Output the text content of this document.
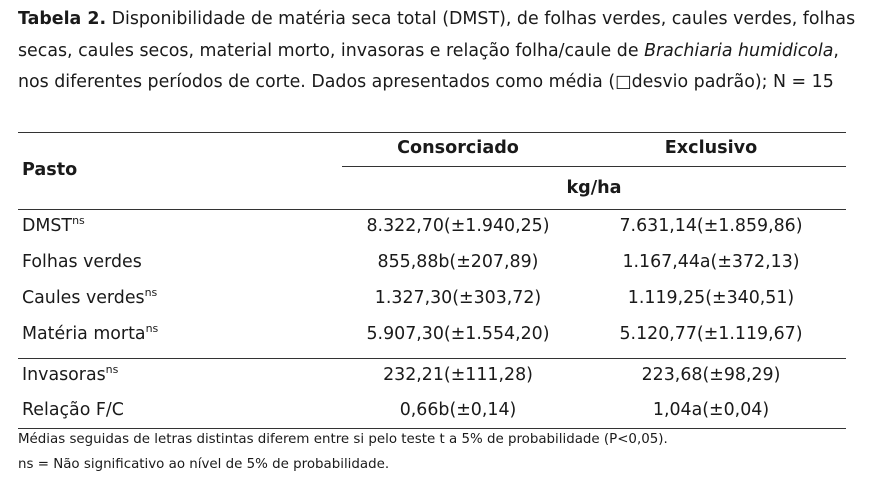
Tabela 2. Disponibilidade de matéria seca total (DMST), de folhas verdes, caules verdes, folhas secas, caules secos, material morto, invasoras e relação folha/caule de Brachiaria humidicola, nos diferentes períodos de corte. Dados apresentados como média (□desvio padrão); N = 15
Pasto
Consorciado	Exclusivo
kg/ha
$DMST^{ns}$	8.322,70(±1.940,25)	7.631,14(±1.859,86)
Folhas verdes	855,88b(±207,89)	1.167,44a(±372,13)
Caules verdes$^{ns}$	1.327,30(±303,72)	1.119,25(±340,51)
Matéria morta$^{ns}$	5.907,30(±1.554,20)	5.120,77(±1.119,67)
Invasoras$^{ns}$	232,21(±111,28)	223,68(±98,29)
Relação F/C	0,66b(±0,14)	1,04a(±0,04)
Médias seguidas de letras distintas diferem entre si pelo teste t a 5% de probabilidade (P<0,05).
ns = Não significativo ao nível de 5% de probabilidade.
